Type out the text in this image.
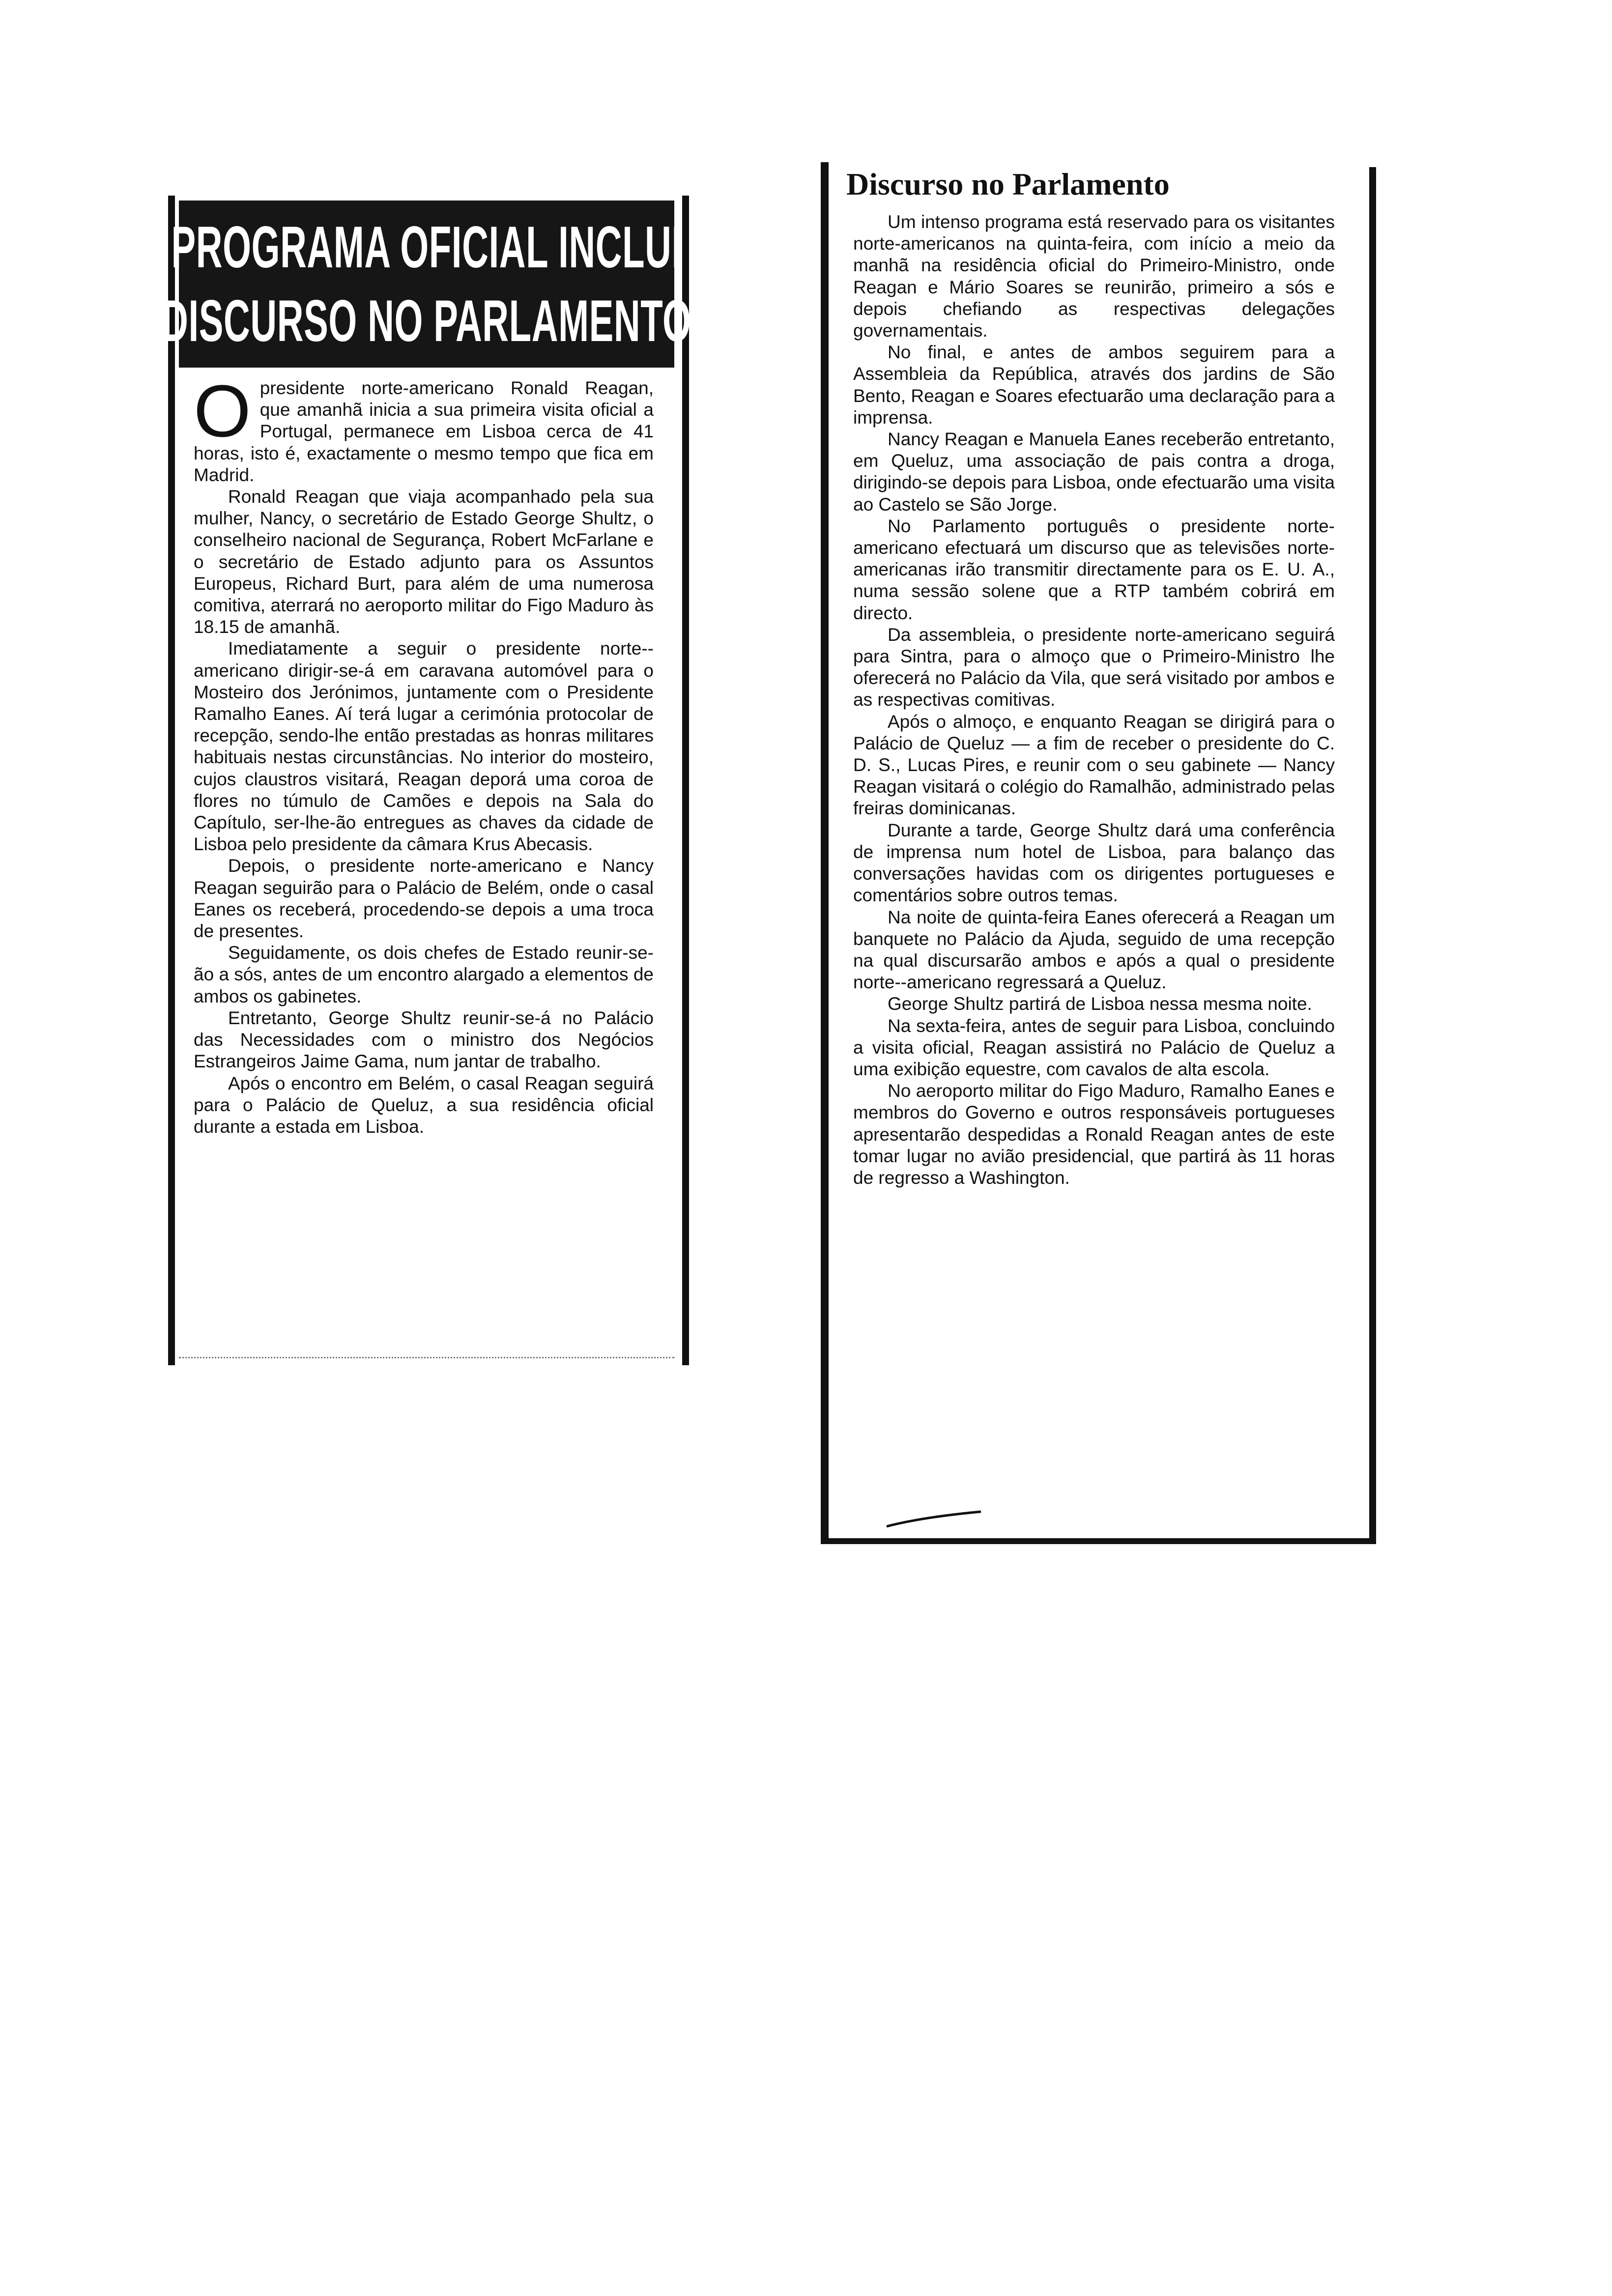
PROGRAMA OFICIAL INCLUI
DISCURSO NO PARLAMENTO

Opresidente norte-americano Ronald Reagan, que amanhã inicia a sua primeira visita oficial a Portugal, permanece em Lisboa cerca de 41 horas, isto é, exactamente o mesmo tempo que fica em Madrid.

Ronald Reagan que viaja acompanhado pela sua mulher, Nancy, o secretário de Estado George Shultz, o conselheiro nacional de Segurança, Robert McFarlane e o secretário de Estado adjunto para os Assuntos Europeus, Richard Burt, para além de uma numerosa comitiva, aterrará no aeroporto militar do Figo Maduro às 18.15 de amanhã.

Imediatamente a seguir o presidente norte--americano dirigir-se-á em caravana automóvel para o Mosteiro dos Jerónimos, juntamente com o Presidente Ramalho Eanes. Aí terá lugar a cerimónia protocolar de recepção, sendo-lhe então prestadas as honras militares habituais nestas circunstâncias. No interior do mosteiro, cujos claustros visitará, Reagan deporá uma coroa de flores no túmulo de Camões e depois na Sala do Capítulo, ser-lhe-ão entregues as chaves da cidade de Lisboa pelo presidente da câmara Krus Abecasis.

Depois, o presidente norte-americano e Nancy Reagan seguirão para o Palácio de Belém, onde o casal Eanes os receberá, procedendo-se depois a uma troca de presentes.

Seguidamente, os dois chefes de Estado reunir-se-ão a sós, antes de um encontro alargado a elementos de ambos os gabinetes.

Entretanto, George Shultz reunir-se-á no Palácio das Necessidades com o ministro dos Negócios Estrangeiros Jaime Gama, num jantar de trabalho.

Após o encontro em Belém, o casal Reagan seguirá para o Palácio de Queluz, a sua residência oficial durante a estada em Lisboa.

Discurso no Parlamento

Um intenso programa está reservado para os visitantes norte-americanos na quinta-feira, com início a meio da manhã na residência oficial do Primeiro-Ministro, onde Reagan e Mário Soares se reunirão, primeiro a sós e depois chefiando as respectivas delegações governamentais.

No final, e antes de ambos seguirem para a Assembleia da República, através dos jardins de São Bento, Reagan e Soares efectuarão uma declaração para a imprensa.

Nancy Reagan e Manuela Eanes receberão entretanto, em Queluz, uma associação de pais contra a droga, dirigindo-se depois para Lisboa, onde efectuarão uma visita ao Castelo se São Jorge.

No Parlamento português o presidente norte-americano efectuará um discurso que as televisões norte-americanas irão transmitir directamente para os E. U. A., numa sessão solene que a RTP também cobrirá em directo.

Da assembleia, o presidente norte-americano seguirá para Sintra, para o almoço que o Primeiro-Ministro lhe oferecerá no Palácio da Vila, que será visitado por ambos e as respectivas comitivas.

Após o almoço, e enquanto Reagan se dirigirá para o Palácio de Queluz — a fim de receber o presidente do C. D. S., Lucas Pires, e reunir com o seu gabinete — Nancy Reagan visitará o colégio do Ramalhão, administrado pelas freiras dominicanas.

Durante a tarde, George Shultz dará uma conferência de imprensa num hotel de Lisboa, para balanço das conversações havidas com os dirigentes portugueses e comentários sobre outros temas.

Na noite de quinta-feira Eanes oferecerá a Reagan um banquete no Palácio da Ajuda, seguido de uma recepção na qual discursarão ambos e após a qual o presidente norte--americano regressará a Queluz.

George Shultz partirá de Lisboa nessa mesma noite.

Na sexta-feira, antes de seguir para Lisboa, concluindo a visita oficial, Reagan assistirá no Palácio de Queluz a uma exibição equestre, com cavalos de alta escola.

No aeroporto militar do Figo Maduro, Ramalho Eanes e membros do Governo e outros responsáveis portugueses apresentarão despedidas a Ronald Reagan antes de este tomar lugar no avião presidencial, que partirá às 11 horas de regresso a Washington.
